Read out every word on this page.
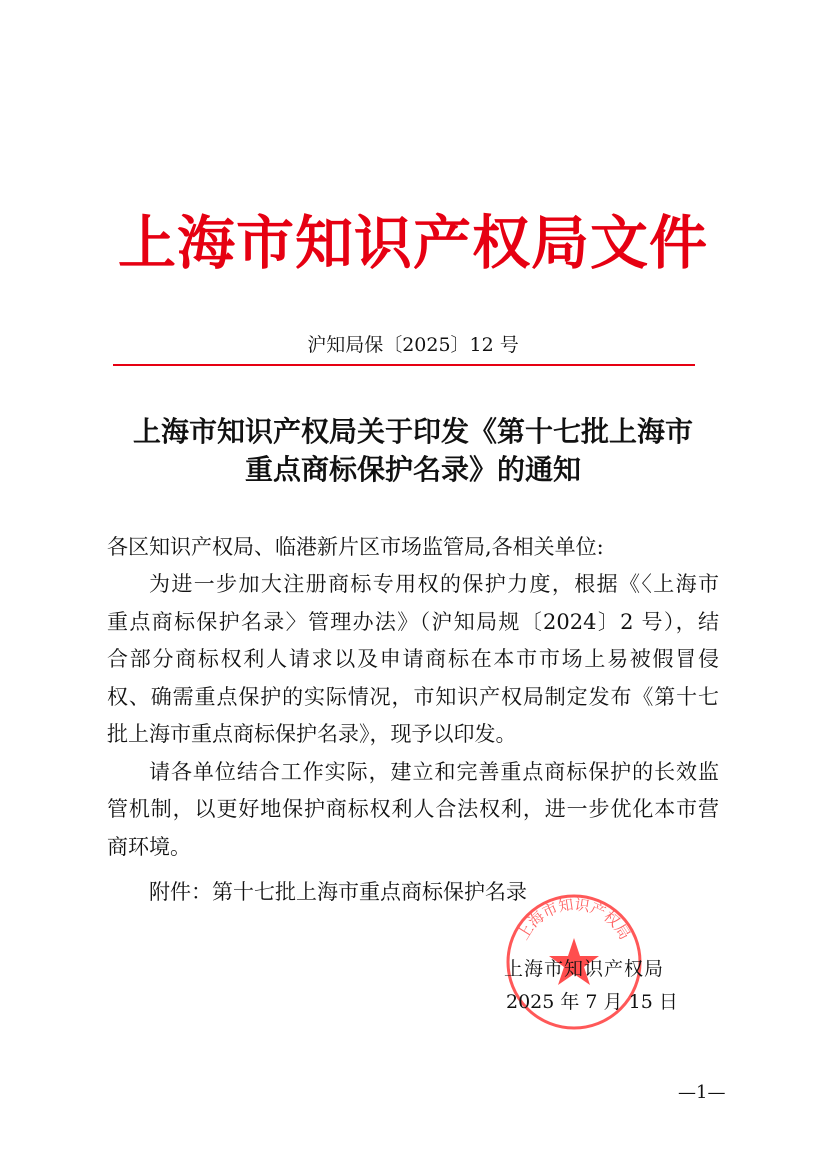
上海市知识产权局文件
沪知局保〔2025〕12 号
上海市知识产权局关于印发《第十七批上海市
重点商标保护名录》的通知
各区知识产权局、临港新片区市场监管局,各相关单位:
为进一步加大注册商标专用权的保护力度，根据《〈上海市
重点商标保护名录〉管理办法》（沪知局规〔2024〕2 号），结
合部分商标权利人请求以及申请商标在本市市场上易被假冒侵
权、确需重点保护的实际情况，市知识产权局制定发布《第十七
批上海市重点商标保护名录》，现予以印发。
请各单位结合工作实际，建立和完善重点商标保护的长效监
管机制，以更好地保护商标权利人合法权利，进一步优化本市营
商环境。
附件：第十七批上海市重点商标保护名录
上海市知识产权局
上海市知识产权局
2025 年 7 月 15 日
—1—
